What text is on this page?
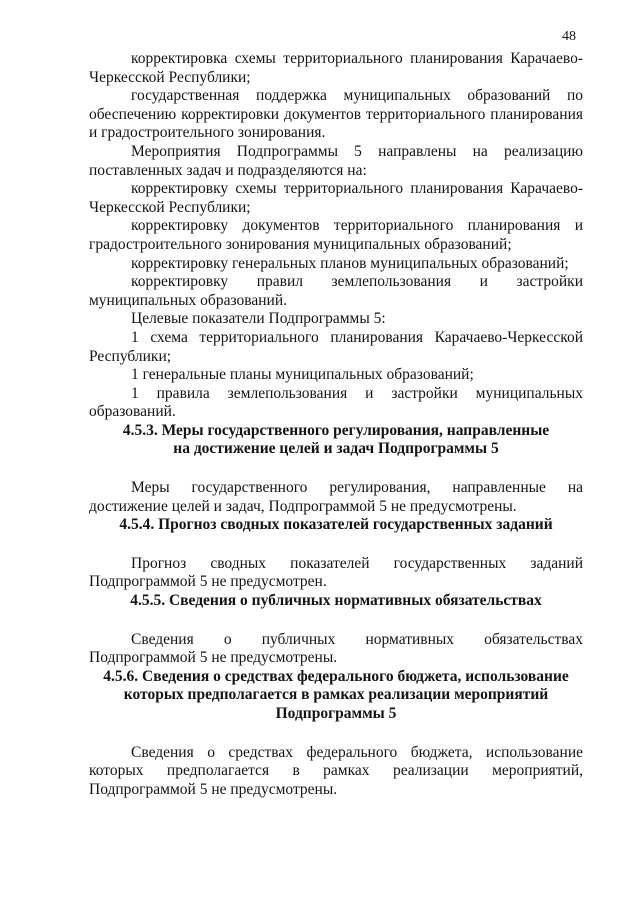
48

корректировка схемы территориального планирования Карачаево-Черкесской Республики;

государственная поддержка муниципальных образований по обеспечению корректировки документов территориального планирования и градостроительного зонирования.

Мероприятия Подпрограммы 5 направлены на реализацию поставленных задач и подразделяются на:

корректировку схемы территориального планирования Карачаево-Черкесской Республики;

корректировку документов территориального планирования и градостроительного зонирования муниципальных образований;

корректировку генеральных планов муниципальных образований;

корректировку правил землепользования и застройки муниципальных образований.

Целевые показатели Подпрограммы 5:

1 схема территориального планирования Карачаево-Черкесской Республики;

1 генеральные планы муниципальных образований;

1 правила землепользования и застройки муниципальных образований.

4.5.3. Меры государственного регулирования, направленные
на достижение целей и задач Подпрограммы 5

Меры государственного регулирования, направленные на достижение целей и задач, Подпрограммой 5 не предусмотрены.

4.5.4. Прогноз сводных показателей государственных заданий

Прогноз сводных показателей государственных заданий Подпрограммой 5 не предусмотрен.

4.5.5. Сведения о публичных нормативных обязательствах

Сведения о публичных нормативных обязательствах Подпрограммой 5 не предусмотрены.

4.5.6. Сведения о средствах федерального бюджета, использование
которых предполагается в рамках реализации мероприятий
Подпрограммы 5

Сведения о средствах федерального бюджета, использование которых предполагается в рамках реализации мероприятий, Подпрограммой 5 не предусмотрены.
